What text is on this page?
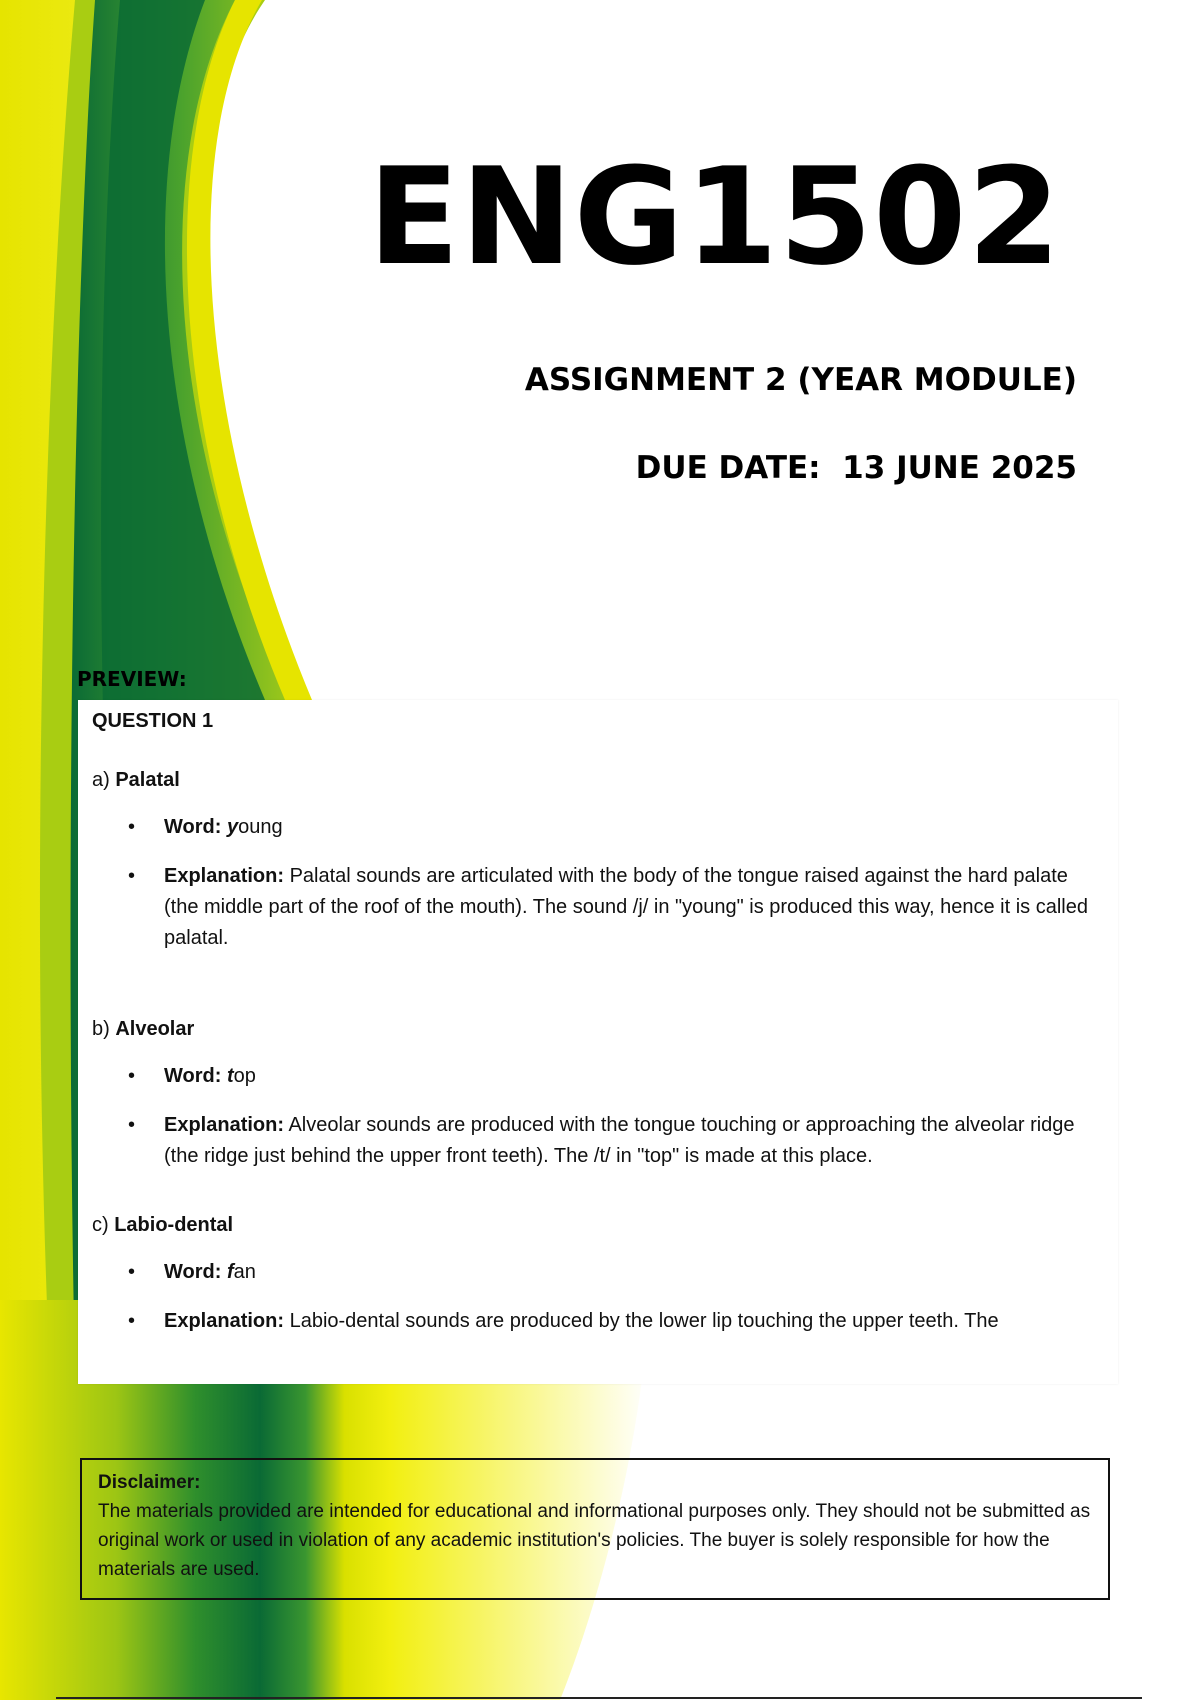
ENG1502
ASSIGNMENT 2 (YEAR MODULE)
DUE DATE:  13 JUNE 2025
PREVIEW:
QUESTION 1
a) Palatal
• Word: young
• Explanation: Palatal sounds are articulated with the body of the tongue raised against the hard palate (the middle part of the roof of the mouth). The sound /j/ in "young" is produced this way, hence it is called palatal.
b) Alveolar
• Word: top
• Explanation: Alveolar sounds are produced with the tongue touching or approaching the alveolar ridge (the ridge just behind the upper front teeth). The /t/ in "top" is made at this place.
c) Labio-dental
• Word: fan
• Explanation: Labio-dental sounds are produced by the lower lip touching the upper teeth. The
Disclaimer:
The materials provided are intended for educational and informational purposes only. They should not be submitted as original work or used in violation of any academic institution's policies. The buyer is solely responsible for how the materials are used.
